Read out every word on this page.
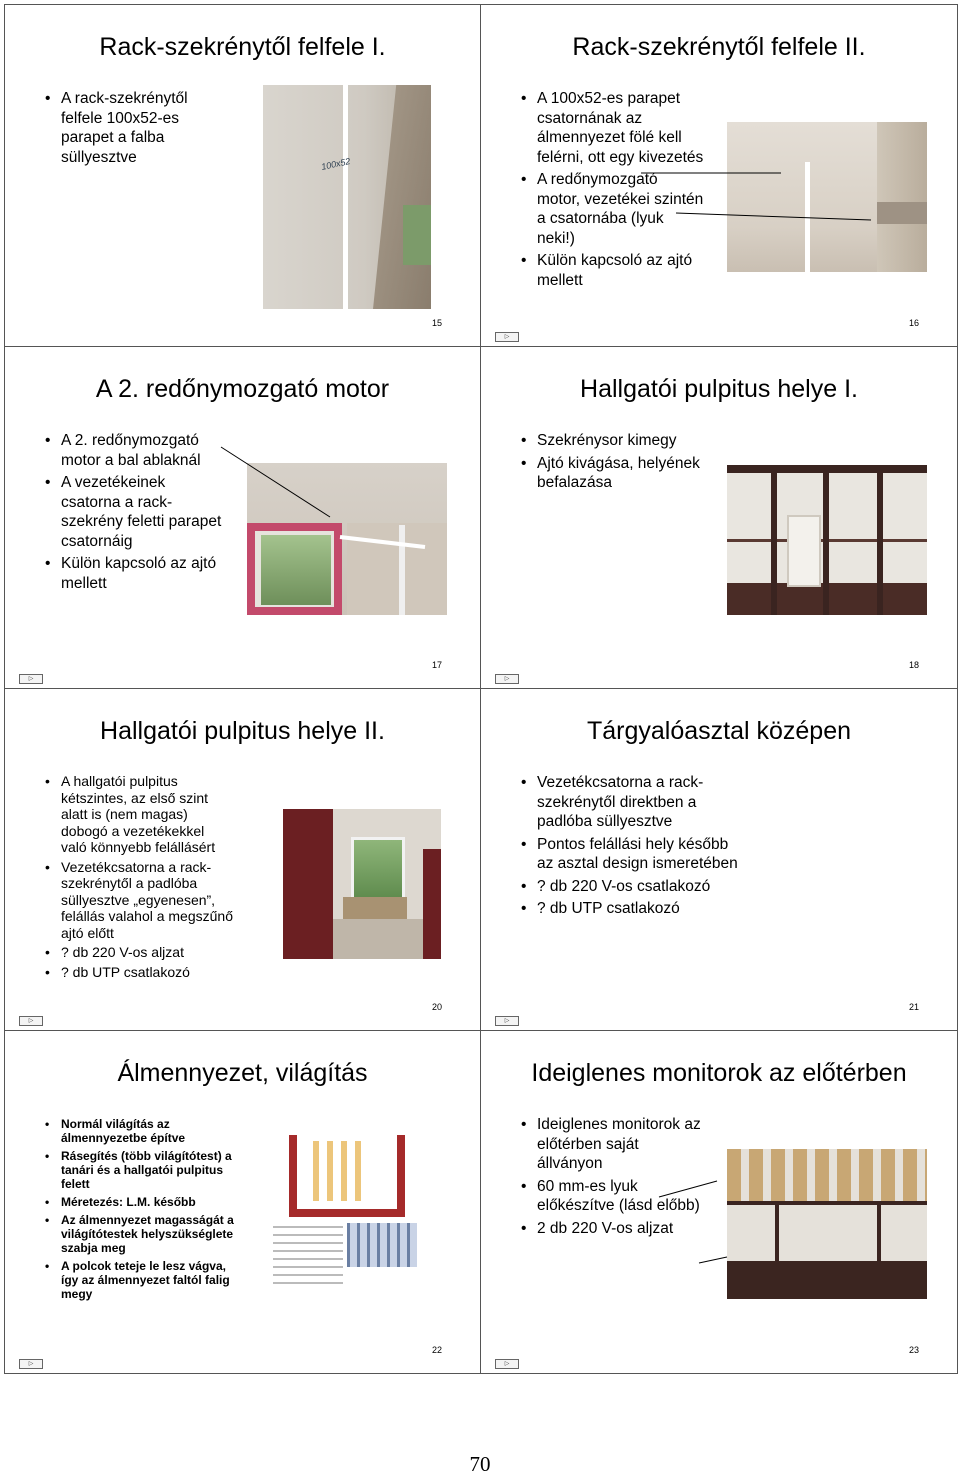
Rack-szekrénytől felfele I.
• A rack-szekrénytől felfele 100x52-es parapet a falba süllyesztve	100x52
15
Rack-szekrénytől felfele II.
• A 100x52-es parapet csatornának az álmennyezet fölé kell felérni, ott egy kivezetés
• A redőnymozgató motor, vezetékei szintén a csatornába (lyuk neki!)
• Külön kapcsoló az ajtó mellett
▷
16
A 2. redőnymozgató motor
• A 2. redőnymozgató motor a bal ablaknál
• A vezetékeinek csatorna a rack-szekrény feletti parapet csatornáig
• Külön kapcsoló az ajtó mellett
▷
17
Hallgatói pulpitus helye I.
• Szekrénysor kimegy
• Ajtó kivágása, helyének befalazása
▷
18
Hallgatói pulpitus helye II.
• A hallgatói pulpitus kétszintes, az első szint alatt is (nem magas) dobogó a vezetékekkel való könnyebb felállásért
• Vezetékcsatorna a rack-szekrénytől a padlóba süllyesztve „egyenesen”, felállás valahol a megszűnő ajtó előtt
• ? db 220 V-os aljzat
• ? db UTP csatlakozó
▷
20
Tárgyalóasztal középen
• Vezetékcsatorna a rack-szekrénytől direktben a padlóba süllyesztve
• Pontos felállási hely később az asztal design ismeretében
• ? db 220 V-os csatlakozó
• ? db UTP csatlakozó
▷
21
Álmennyezet, világítás
• Normál világítás az álmennyezetbe építve
• Rásegítés (több világítótest) a tanári és a hallgatói pulpitus felett
• Méretezés: L.M. később
• Az álmennyezet magasságát a világítótestek helyszükséglete szabja meg
• A polcok teteje le lesz vágva, így az álmennyezet faltól falig megy
▷
22
Ideiglenes monitorok az előtérben
• Ideiglenes monitorok az előtérben saját állványon
• 60 mm-es lyuk előkészítve (lásd előbb)
• 2 db 220 V-os aljzat
▷
23
70
